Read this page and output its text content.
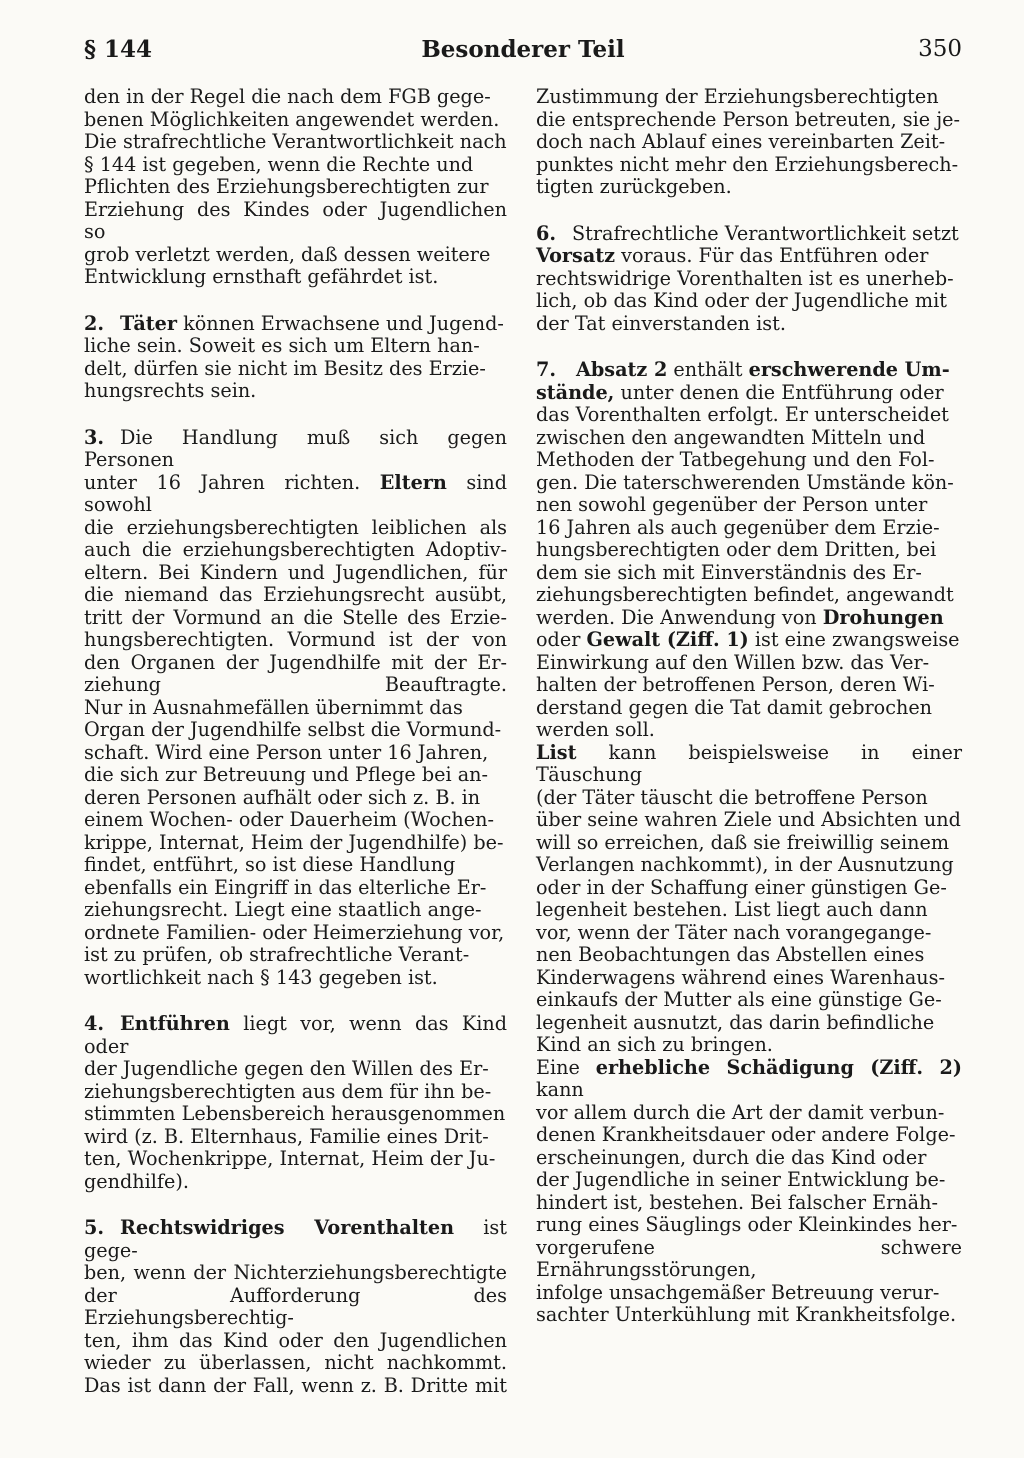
§ 144	Besonderer Teil	350

den in der Regel die nach dem FGB gege-
benen Möglichkeiten angewendet werden.
Die strafrechtliche Verantwortlichkeit nach
§ 144 ist gegeben, wenn die Rechte und
Pflichten des Erziehungsberechtigten zur
Erziehung des Kindes oder Jugendlichen so
grob verletzt werden, daß dessen weitere
Entwicklung ernsthaft gefährdet ist.

2. Täter können Erwachsene und Jugend-
liche sein. Soweit es sich um Eltern han-
delt, dürfen sie nicht im Besitz des Erzie-
hungsrechts sein.

3. Die Handlung muß sich gegen Personen
unter 16 Jahren richten. Eltern sind sowohl
die erziehungsberechtigten leiblichen als
auch die erziehungsberechtigten Adoptiv-
eltern. Bei Kindern und Jugendlichen, für
die niemand das Erziehungsrecht ausübt,
tritt der Vormund an die Stelle des Erzie-
hungsberechtigten. Vormund ist der von
den Organen der Jugendhilfe mit der Er-
ziehung Beauftragte.

Nur in Ausnahmefällen übernimmt das
Organ der Jugendhilfe selbst die Vormund-
schaft. Wird eine Person unter 16 Jahren,
die sich zur Betreuung und Pflege bei an-
deren Personen aufhält oder sich z. B. in
einem Wochen- oder Dauerheim (Wochen-
krippe, Internat, Heim der Jugendhilfe) be-
findet, entführt, so ist diese Handlung
ebenfalls ein Eingriff in das elterliche Er-
ziehungsrecht. Liegt eine staatlich ange-
ordnete Familien- oder Heimerziehung vor,
ist zu prüfen, ob strafrechtliche Verant-
wortlichkeit nach § 143 gegeben ist.

4. Entführen liegt vor, wenn das Kind oder
der Jugendliche gegen den Willen des Er-
ziehungsberechtigten aus dem für ihn be-
stimmten Lebensbereich herausgenommen
wird (z. B. Elternhaus, Familie eines Drit-
ten, Wochenkrippe, Internat, Heim der Ju-
gendhilfe).

5. Rechtswidriges Vorenthalten ist gege-
ben, wenn der Nichterziehungsberechtigte
der Aufforderung des Erziehungsberechtig-
ten, ihm das Kind oder den Jugendlichen
wieder zu überlassen, nicht nachkommt.
Das ist dann der Fall, wenn z. B. Dritte mit

Zustimmung der Erziehungsberechtigten
die entsprechende Person betreuten, sie je-
doch nach Ablauf eines vereinbarten Zeit-
punktes nicht mehr den Erziehungsberech-
tigten zurückgeben.

6. Strafrechtliche Verantwortlichkeit setzt
Vorsatz voraus. Für das Entführen oder
rechtswidrige Vorenthalten ist es unerheb-
lich, ob das Kind oder der Jugendliche mit
der Tat einverstanden ist.

7. Absatz 2 enthält erschwerende Um-
stände, unter denen die Entführung oder
das Vorenthalten erfolgt. Er unterscheidet
zwischen den angewandten Mitteln und
Methoden der Tatbegehung und den Fol-
gen. Die taterschwerenden Umstände kön-
nen sowohl gegenüber der Person unter
16 Jahren als auch gegenüber dem Erzie-
hungsberechtigten oder dem Dritten, bei
dem sie sich mit Einverständnis des Er-
ziehungsberechtigten befindet, angewandt
werden. Die Anwendung von Drohungen
oder Gewalt (Ziff. 1) ist eine zwangsweise
Einwirkung auf den Willen bzw. das Ver-
halten der betroffenen Person, deren Wi-
derstand gegen die Tat damit gebrochen
werden soll.

List kann beispielsweise in einer Täuschung
(der Täter täuscht die betroffene Person
über seine wahren Ziele und Absichten und
will so erreichen, daß sie freiwillig seinem
Verlangen nachkommt), in der Ausnutzung
oder in der Schaffung einer günstigen Ge-
legenheit bestehen. List liegt auch dann
vor, wenn der Täter nach vorangegange-
nen Beobachtungen das Abstellen eines
Kinderwagens während eines Warenhaus-
einkaufs der Mutter als eine günstige Ge-
legenheit ausnutzt, das darin befindliche
Kind an sich zu bringen.

Eine erhebliche Schädigung (Ziff. 2) kann
vor allem durch die Art der damit verbun-
denen Krankheitsdauer oder andere Folge-
erscheinungen, durch die das Kind oder
der Jugendliche in seiner Entwicklung be-
hindert ist, bestehen. Bei falscher Ernäh-
rung eines Säuglings oder Kleinkindes her-
vorgerufene schwere Ernährungsstörungen,
infolge unsachgemäßer Betreuung verur-
sachter Unterkühlung mit Krankheitsfolge.
